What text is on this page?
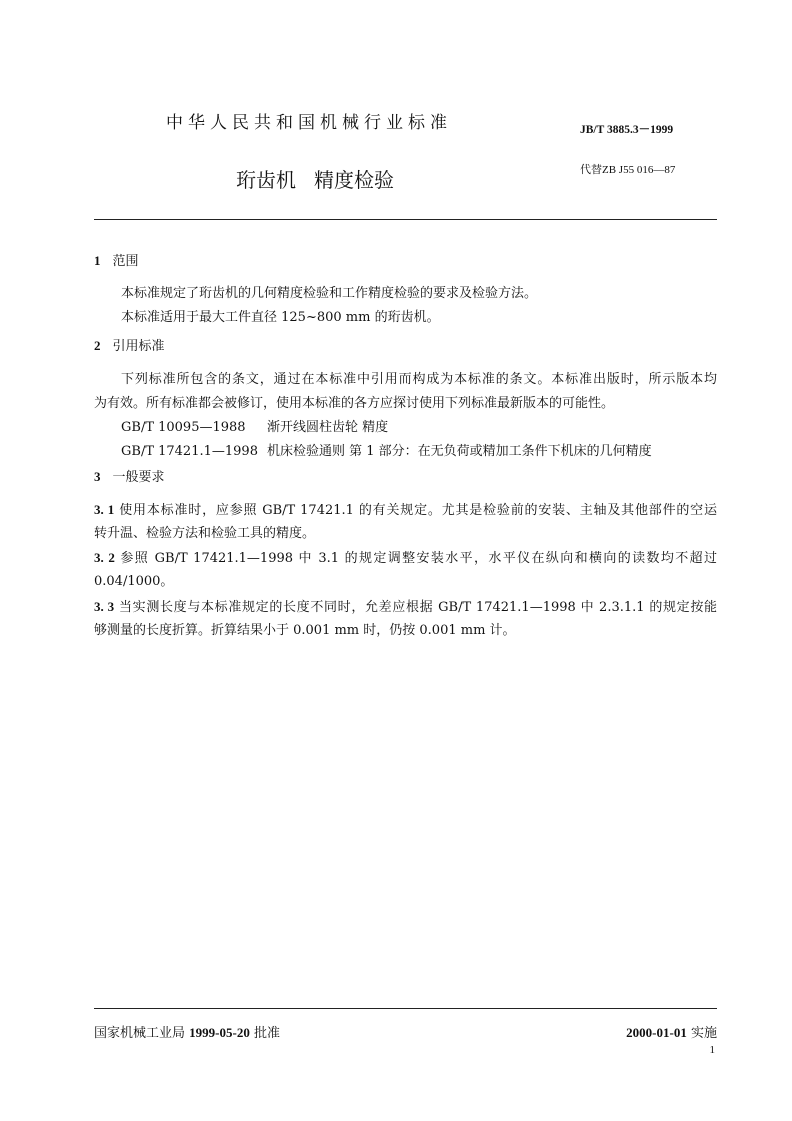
中华人民共和国机械行业标准	JB/T 3885.3－1999
珩齿机 精度检验	代替ZB J55 016—87
1 范围
本标准规定了珩齿机的几何精度检验和工作精度检验的要求及检验方法。
本标准适用于最大工件直径 125~800 mm 的珩齿机。
2 引用标准
下列标准所包含的条文，通过在本标准中引用而构成为本标准的条文。本标准出版时，所示版本均
为有效。所有标准都会被修订，使用本标准的各方应探讨使用下列标准最新版本的可能性。
GB/T 10095—1988 渐开线圆柱齿轮 精度
GB/T 17421.1—1998 机床检验通则 第 1 部分：在无负荷或精加工条件下机床的几何精度
3 一般要求
3. 1 使用本标准时，应参照 GB/T 17421.1 的有关规定。尤其是检验前的安装、主轴及其他部件的空运
转升温、检验方法和检验工具的精度。
3. 2 参照 GB/T 17421.1—1998 中 3.1 的规定调整安装水平，水平仪在纵向和横向的读数均不超过
0.04/1000。
3. 3 当实测长度与本标准规定的长度不同时，允差应根据 GB/T 17421.1—1998 中 2.3.1.1 的规定按能
够测量的长度折算。折算结果小于 0.001 mm 时，仍按 0.001 mm 计。
国家机械工业局 1999-05-20 批准	2000-01-01 实施
1
